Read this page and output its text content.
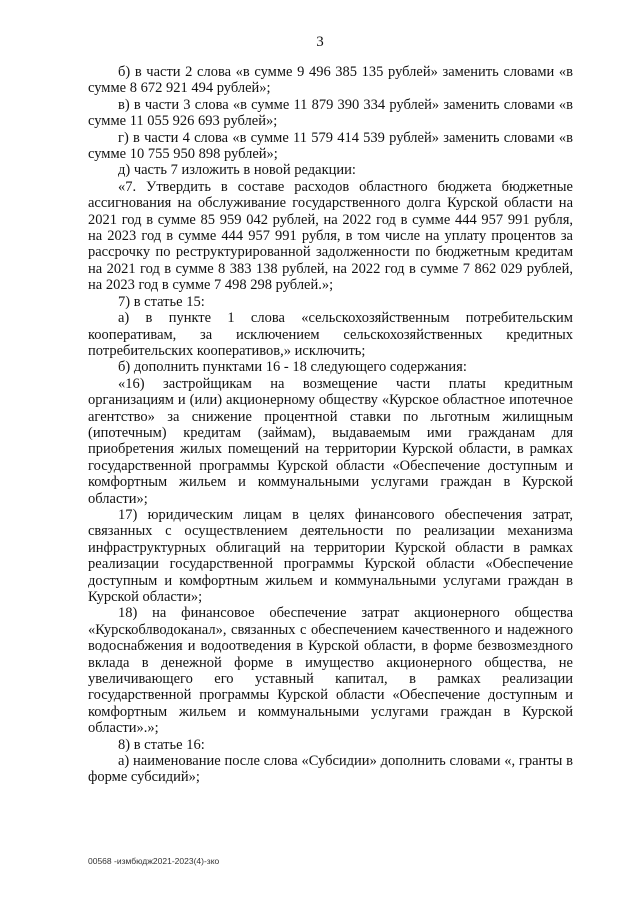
3

б) в части 2 слова «в сумме 9 496 385 135 рублей» заменить словами «в сумме 8 672 921 494 рублей»;

в) в части 3 слова «в сумме 11 879 390 334 рублей» заменить словами «в сумме 11 055 926 693 рублей»;

г) в части 4 слова «в сумме 11 579 414 539 рублей» заменить словами «в сумме 10 755 950 898 рублей»;

д) часть 7 изложить в новой редакции:

«7. Утвердить в составе расходов областного бюджета бюджетные ассигнования на обслуживание государственного долга Курской области на 2021 год в сумме 85 959 042 рублей, на 2022 год в сумме 444 957 991 рубля, на 2023 год в сумме 444 957 991 рубля, в том числе на уплату процентов за рассрочку по реструктурированной задолженности по бюджетным кредитам на 2021 год в сумме 8 383 138 рублей, на 2022 год в сумме 7 862 029 рублей, на 2023 год в сумме 7 498 298 рублей.»;

7) в статье 15:

а) в пункте 1 слова «сельскохозяйственным потребительским кооперативам, за исключением сельскохозяйственных кредитных потребительских кооперативов,» исключить;

б) дополнить пунктами 16 - 18 следующего содержания:

«16) застройщикам на возмещение части платы кредитным организациям и (или) акционерному обществу «Курское областное ипотечное агентство» за снижение процентной ставки по льготным жилищным (ипотечным) кредитам (займам), выдаваемым ими гражданам для приобретения жилых помещений на территории Курской области, в рамках государственной программы Курской области «Обеспечение доступным и комфортным жильем и коммунальными услугами граждан в Курской области»;

17) юридическим лицам в целях финансового обеспечения затрат, связанных с осуществлением деятельности по реализации механизма инфраструктурных облигаций на территории Курской области в рамках реализации государственной программы Курской области «Обеспечение доступным и комфортным жильем и коммунальными услугами граждан в Курской области»;

18) на финансовое обеспечение затрат акционерного общества «Курскоблводоканал», связанных с обеспечением качественного и надежного водоснабжения и водоотведения в Курской области, в форме безвозмездного вклада в денежной форме в имущество акционерного общества, не увеличивающего его уставный капитал, в рамках реализации государственной программы Курской области «Обеспечение доступным и комфортным жильем и коммунальными услугами граждан в Курской области».»;

8) в статье 16:

а) наименование после слова «Субсидии» дополнить словами «, гранты в форме субсидий»;

00568 -измбюдж2021-2023(4)-зко
